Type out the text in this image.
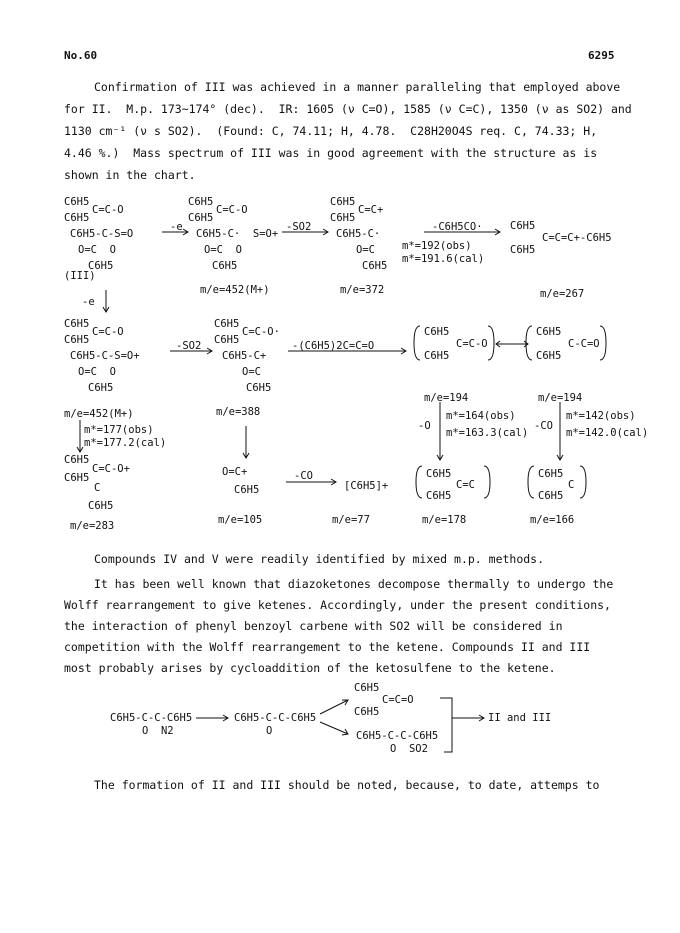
No.60	6295
Confirmation of III was achieved in a manner paralleling that employed above
for II.  M.p. 173~174° (dec).  IR: 1605 (ν C=O), 1585 (ν C=C), 1350 (ν as SO2) and
1130 cm⁻¹ (ν s SO2).  (Found: C, 74.11; H, 4.78.  C28H20O4S req. C, 74.33; H,
4.46 %.)  Mass spectrum of III was in good agreement with the structure as is
shown in the chart.
C6H5
C6H5
C=C-O
C6H5-C-S=O
O=C  O
C6H5
(III)
-e
C6H5
C6H5
C=C-O
C6H5-C·  S=O+
O=C  O
C6H5
m/e=452(M+)
-SO2
C6H5
C6H5
C=C+
C6H5-C·
O=C
C6H5
m/e=372
-C6H5CO·
m*=192(obs)
m*=191.6(cal)
C6H5
C6H5
C=C=C+-C6H5
m/e=267
-e
C6H5
C6H5
C=C-O
C6H5-C-S=O+
O=C  O
C6H5
m/e=452(M+)
-SO2
C6H5
C6H5
C=C-O·
C6H5-C+
O=C
C6H5
m/e=388
-(C6H5)2C=C=O
C6H5
C6H5
C=C-O
m/e=194
C6H5
C6H5
C-C=O
m/e=194
m*=177(obs)
m*=177.2(cal)
-O
m*=164(obs)
m*=163.3(cal)
-CO
m*=142(obs)
m*=142.0(cal)
C6H5
C6H5
C=C-O+
C
C6H5
m/e=283
O=C+
C6H5
m/e=105
-CO
[C6H5]+
m/e=77
C6H5
C6H5
C=C
m/e=178
C6H5
C6H5
C
m/e=166
Compounds IV and V were readily identified by mixed m.p. methods.

It has been well known that diazoketones decompose thermally to undergo the Wolff rearrangement to give ketenes. Accordingly, under the present conditions, the interaction of phenyl benzoyl carbene with SO2 will be considered in competition with the Wolff rearrangement to the ketene. Compounds II and III most probably arises by cycloaddition of the ketosulfene to the ketene.

C6H5-C-C-C6H5
O  N2
C6H5-C-C-C6H5
O
C6H5
C=C=O
C6H5
C6H5-C-C-C6H5
O  SO2
II and III
The formation of II and III should be noted, because, to date, attemps to
